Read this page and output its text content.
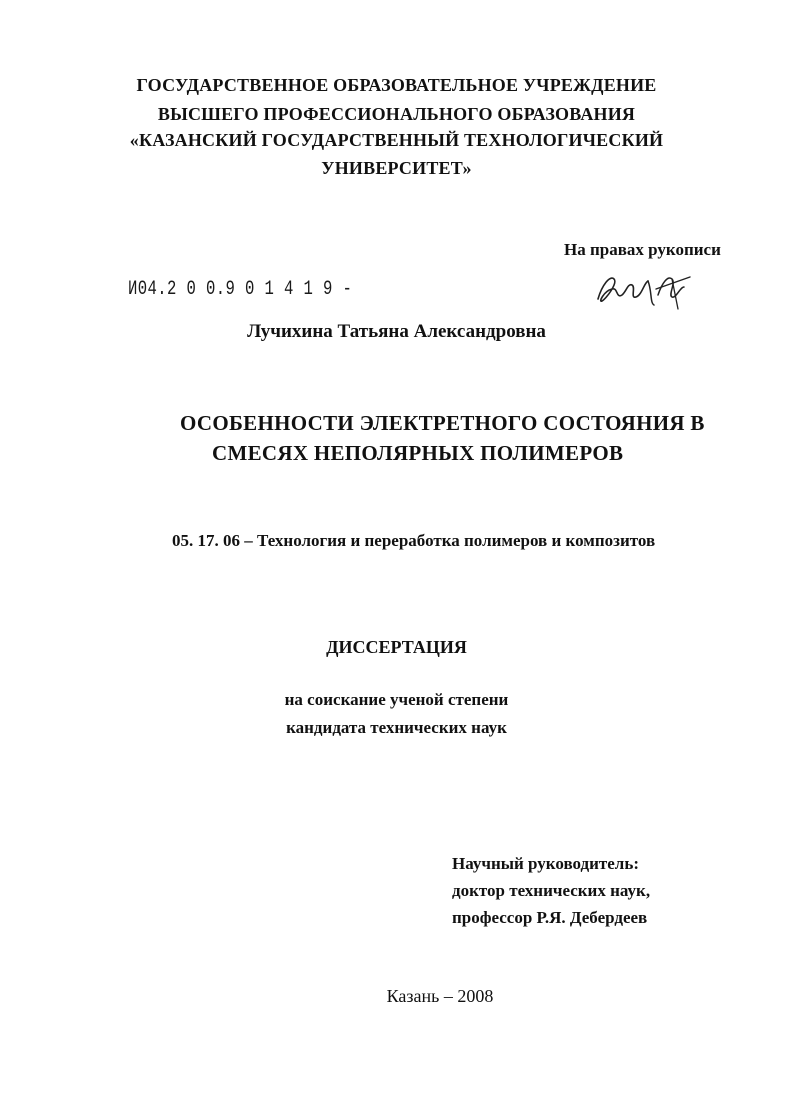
ГОСУДАРСТВЕННОЕ ОБРАЗОВАТЕЛЬНОЕ УЧРЕЖДЕНИЕ
ВЫСШЕГО ПРОФЕССИОНАЛЬНОГО ОБРАЗОВАНИЯ
«КАЗАНСКИЙ ГОСУДАРСТВЕННЫЙ ТЕХНОЛОГИЧЕСКИЙ
УНИВЕРСИТЕТ»
На правах рукописи
И04.2 0 0.9 0 1 4 1 9 -
Лучихина Татьяна Александровна
ОСОБЕННОСТИ ЭЛЕКТРЕТНОГО СОСТОЯНИЯ В
СМЕСЯХ НЕПОЛЯРНЫХ ПОЛИМЕРОВ
05. 17. 06 – Технология и переработка полимеров и композитов
ДИССЕРТАЦИЯ
на соискание ученой степени
кандидата технических наук
Научный руководитель:
доктор технических наук,
профессор Р.Я. Дебердеев
Казань – 2008
